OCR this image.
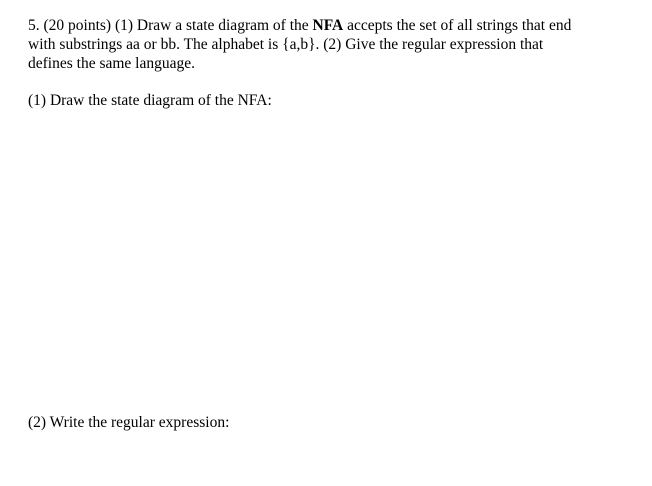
5. (20 points) (1) Draw a state diagram of the NFA accepts the set of all strings that end
with substrings aa or bb. The alphabet is {a,b}. (2) Give the regular expression that
defines the same language.
(1) Draw the state diagram of the NFA:
(2) Write the regular expression:
